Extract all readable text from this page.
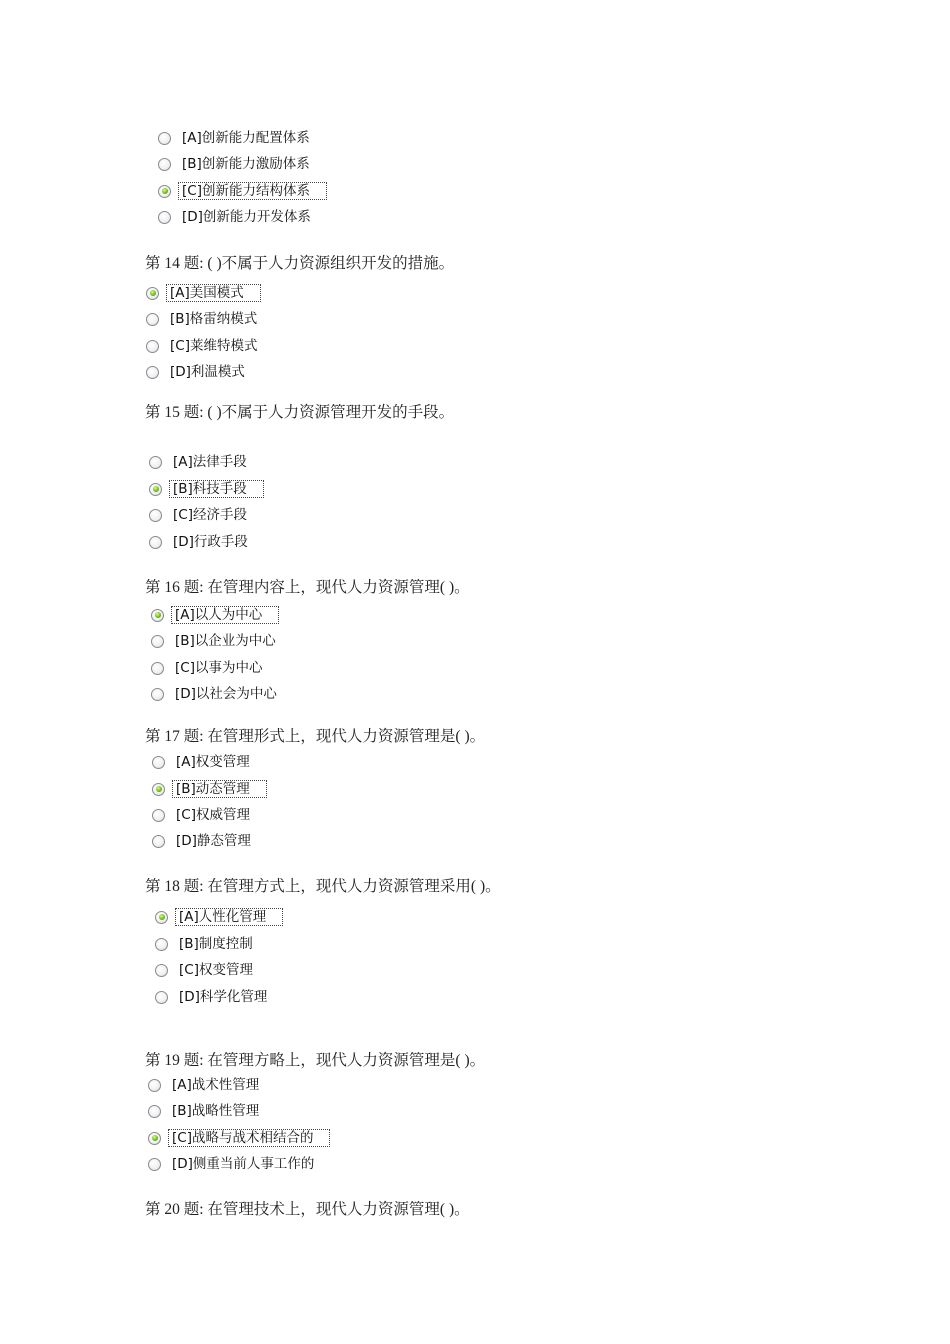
[A]创新能力配置体系
[B]创新能力激励体系
[C]创新能力结构体系
[D]创新能力开发体系
第 14 题: ( )不属于人力资源组织开发的措施。
[A]美国模式
[B]格雷纳模式
[C]莱维特模式
[D]利温模式
第 15 题: ( )不属于人力资源管理开发的手段。
[A]法律手段
[B]科技手段
[C]经济手段
[D]行政手段
第 16 题: 在管理内容上，现代人力资源管理( )。
[A]以人为中心
[B]以企业为中心
[C]以事为中心
[D]以社会为中心
第 17 题: 在管理形式上，现代人力资源管理是( )。
[A]权变管理
[B]动态管理
[C]权威管理
[D]静态管理
第 18 题: 在管理方式上，现代人力资源管理采用( )。
[A]人性化管理
[B]制度控制
[C]权变管理
[D]科学化管理
第 19 题: 在管理方略上，现代人力资源管理是( )。
[A]战术性管理
[B]战略性管理
[C]战略与战术相结合的
[D]侧重当前人事工作的
第 20 题: 在管理技术上，现代人力资源管理( )。
